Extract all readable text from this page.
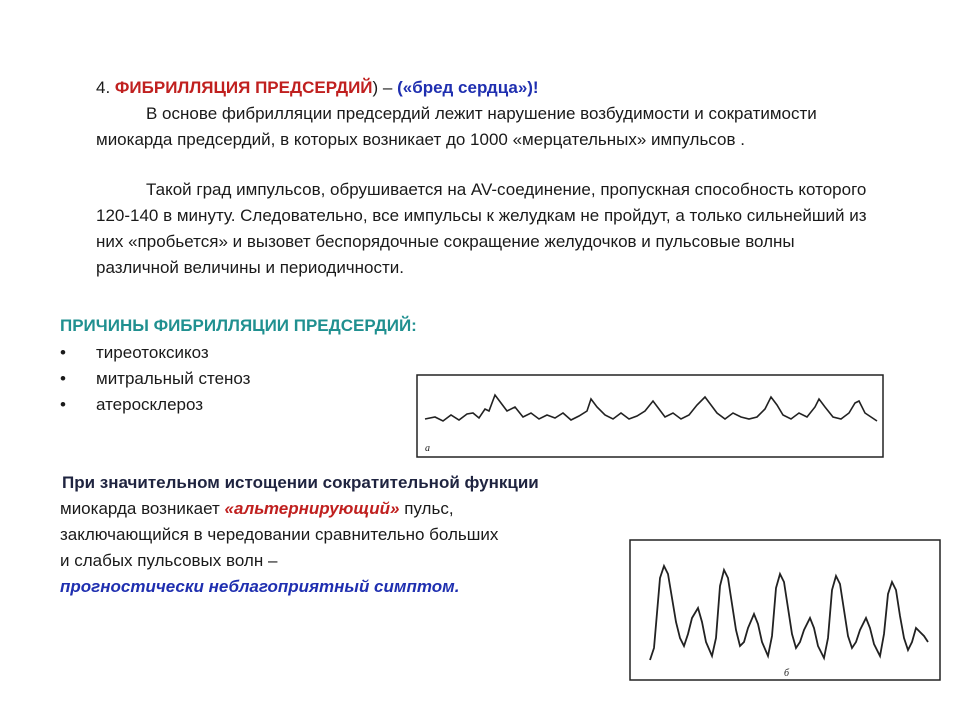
4. ФИБРИЛЛЯЦИЯ ПРЕДСЕРДИЙ) – («бред сердца»)!

В основе фибрилляции предсердий лежит нарушение возбудимости и сократимости миокарда предсердий, в которых возникает до 1000 «мерцательных» импульсов .

Такой град импульсов, обрушивается на AV-соединение, пропускная способность которого 120-140 в минуту. Следовательно, все импульсы к желудкам не пройдут, а только сильнейший из них «пробьется» и вызовет беспорядочные сокращение желудочков и пульсовые волны различной величины и периодичности.

ПРИЧИНЫ ФИБРИЛЛЯЦИИ ПРЕДСЕРДИЙ:
• тиреотоксикоз
• митральный стеноз
• атеросклероз
а
При значительном истощении сократительной функции
миокарда возникает «альтернирующий» пульс,
заключающийся в чередовании сравнительно больших
и слабых пульсовых волн –
прогностически неблагоприятный симптом.
б
